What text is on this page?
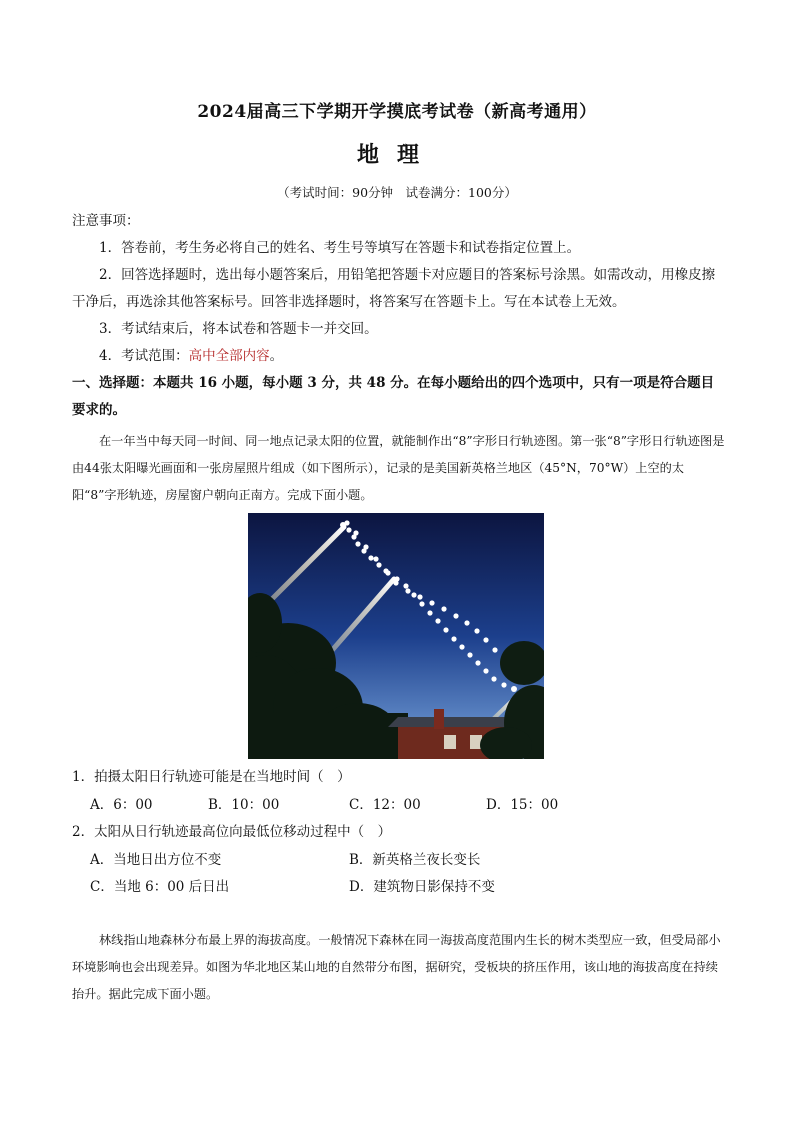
2024届高三下学期开学摸底考试卷（新高考通用）
地理
（考试时间：90分钟　试卷满分：100分）
注意事项：
1．答卷前，考生务必将自己的姓名、考生号等填写在答题卡和试卷指定位置上。
2．回答选择题时，选出每小题答案后，用铅笔把答题卡对应题目的答案标号涂黑。如需改动，用橡皮擦干净后，再选涂其他答案标号。回答非选择题时，将答案写在答题卡上。写在本试卷上无效。
3．考试结束后，将本试卷和答题卡一并交回。
4．考试范围：高中全部内容。
一、选择题：本题共 16 小题，每小题 3 分，共 48 分。在每小题给出的四个选项中，只有一项是符合题目要求的。
在一年当中每天同一时间、同一地点记录太阳的位置，就能制作出“8”字形日行轨迹图。第一张“8”字形日行轨迹图是由44张太阳曝光画面和一张房屋照片组成（如下图所示），记录的是美国新英格兰地区（45°N，70°W）上空的太阳“8”字形轨迹，房屋窗户朝向正南方。完成下面小题。
1．拍摄太阳日行轨迹可能是在当地时间（　）
A．6：00	B．10：00	C．12：00	D．15：00
2．太阳从日行轨迹最高位向最低位移动过程中（　）
A．当地日出方位不变	B．新英格兰夜长变长
C．当地 6：00 后日出	D．建筑物日影保持不变
林线指山地森林分布最上界的海拔高度。一般情况下森林在同一海拔高度范围内生长的树木类型应一致，但受局部小环境影响也会出现差异。如图为华北地区某山地的自然带分布图，据研究，受板块的挤压作用，该山地的海拔高度在持续抬升。据此完成下面小题。
